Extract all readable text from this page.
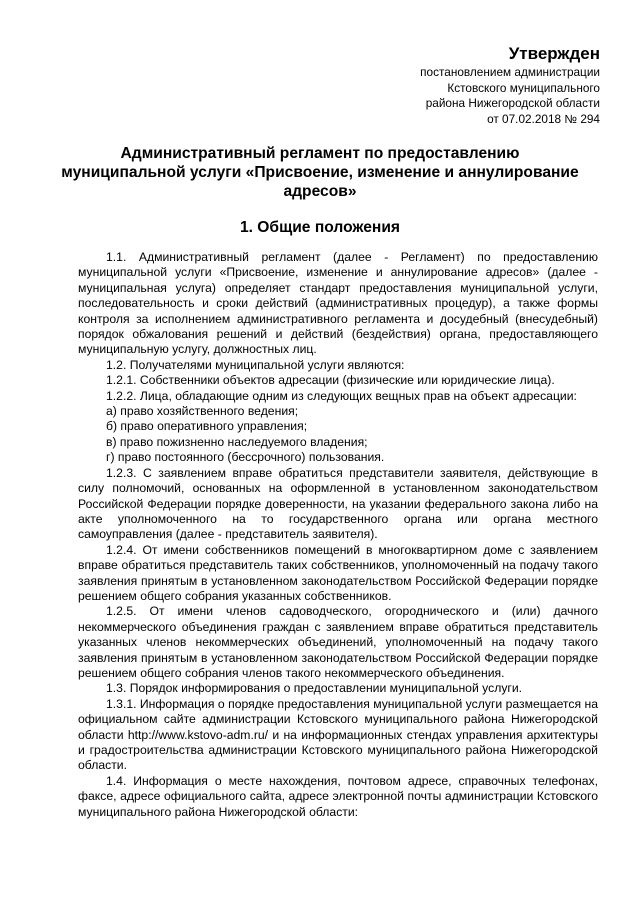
Утвержден
постановлением администрации
Кстовского муниципального
района Нижегородской области
от 07.02.2018 № 294
Административный регламент по предоставлению муниципальной услуги «Присвоение, изменение и аннулирование адресов»
1. Общие положения

1.1. Административный регламент (далее - Регламент) по предоставлению муниципальной услуги «Присвоение, изменение и аннулирование адресов» (далее - муниципальная услуга) определяет стандарт предоставления муниципальной услуги, последовательность и сроки действий (административных процедур), а также формы контроля за исполнением административного регламента и досудебный (внесудебный) порядок обжалования решений и действий (бездействия) органа, предоставляющего муниципальную услугу, должностных лиц.

1.2. Получателями муниципальной услуги являются:

1.2.1. Собственники объектов адресации (физические или юридические лица).

1.2.2. Лица, обладающие одним из следующих вещных прав на объект адресации:

а) право хозяйственного ведения;

б) право оперативного управления;

в) право пожизненно наследуемого владения;

г) право постоянного (бессрочного) пользования.

1.2.3. С заявлением вправе обратиться представители заявителя, действующие в силу полномочий, основанных на оформленной в установленном законодательством Российской Федерации порядке доверенности, на указании федерального закона либо на акте уполномоченного на то государственного органа или органа местного самоуправления (далее - представитель заявителя).

1.2.4. От имени собственников помещений в многоквартирном доме с заявлением вправе обратиться представитель таких собственников, уполномоченный на подачу такого заявления принятым в установленном законодательством Российской Федерации порядке решением общего собрания указанных собственников.

1.2.5. От имени членов садоводческого, огороднического и (или) дачного некоммерческого объединения граждан с заявлением вправе обратиться представитель указанных членов некоммерческих объединений, уполномоченный на подачу такого заявления принятым в установленном законодательством Российской Федерации порядке решением общего собрания членов такого некоммерческого объединения.

1.3. Порядок информирования о предоставлении муниципальной услуги.

1.3.1. Информация о порядке предоставления муниципальной услуги размещается на официальном сайте администрации Кстовского муниципального района Нижегородской области http://www.kstovo-adm.ru/ и на информационных стендах управления архитектуры и градостроительства администрации Кстовского муниципального района Нижегородской области.

1.4. Информация о месте нахождения, почтовом адресе, справочных телефонах, факсе, адресе официального сайта, адресе электронной почты администрации Кстовского муниципального района Нижегородской области:
